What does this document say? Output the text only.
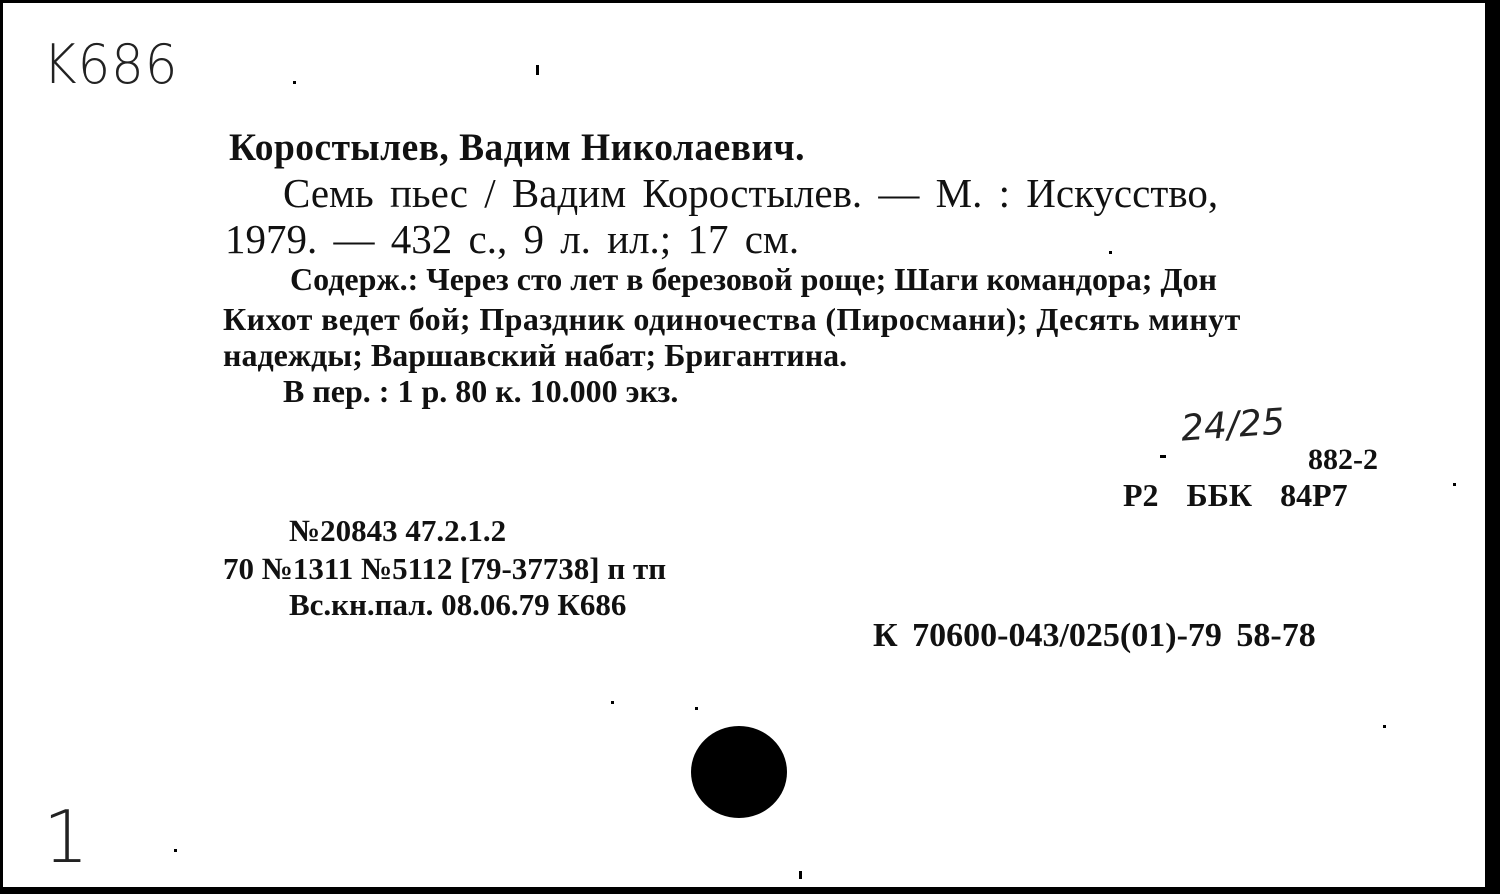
K686

Коростылев, Вадим Николаевич.

Семь пьес / Вадим Коростылев. — М. : Искусство,

1979. — 432 с., 9 л. ил.; 17 см.

Содерж.: Через сто лет в березовой роще; Шаги командора; Дон

Кихот ведет бой; Праздник одиночества (Пиросмани); Десять минут

надежды; Варшавский набат; Бригантина.

В пер. : 1 р. 80 к. 10.000 экз.

24/25

882-2

Р2 ББК 84Р7

№20843 47.2.1.2

70 №1311 №5112 [79-37738] п тп

Вс.кн.пал. 08.06.79 К686

К 70600-043/025(01)-79 58-78

1
